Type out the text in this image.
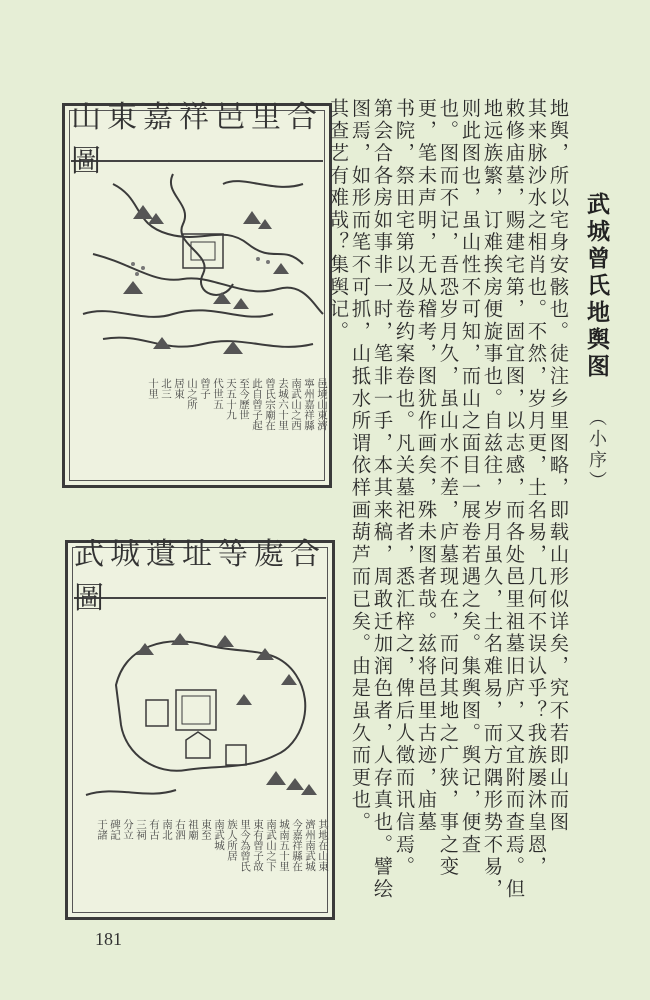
山東嘉祥邑里合圖
邑境山東濟
寧州嘉祥縣
南武山之西
去城六十里
曾氏宗廟在
此自曾子起
至今歷世
天五十九
代世五
曾子
山之所
居東
北三
十里
武城遺址等處合圖
其地在山東
濟州南武城
今嘉祥縣在
城南五十里
南武山之下
東有曾子故
里今為曾氏
族人所居
南武城
東至
祖廟
右泗
南北
有古
三祠
分立
碑記
于諸
武城曾氏地舆图
（小序）
地舆，所以宅身安骸也。徒注乡里图略，即载山形似详矣，究不若即山而图
其来脉沙水之相肖也。不然，岁月更，土名易，几何不误认乎？我族屡沐皇恩，
敕修庙墓，赐建宅第，固宜图，以志感，而各处邑里祖墓旧庐，又宜附而查焉。但
地远族繁，订难挨房便旋事也。自兹往，岁月虽久，土名难易，而方隅形势不易，
则此图也，虽山性不可知，而山之面目一展卷若遇之矣。集舆图。舆记，便查
也。图而不记，吾恐岁月久，虽山水不差，庐墓现在，而问其地之广狭，事之变
更，笔未声明，无从稽考，图犹作画矣，殊未图者哉。兹将邑里古迹，庙墓
书院，祭田宅第以及卷约案卷也。凡关墓祀者，悉汇梓之，俾后人徵而讯信焉。
第会合各房如事非一时，笔非一手，本其来稿，周敢迁加润色者，人存真也。譬绘
图焉，如形而笔不可抓，山抵水所谓依样画葫芦而已矣。由是虽久而更也。
其查艺有难哉？集舆记。
181
